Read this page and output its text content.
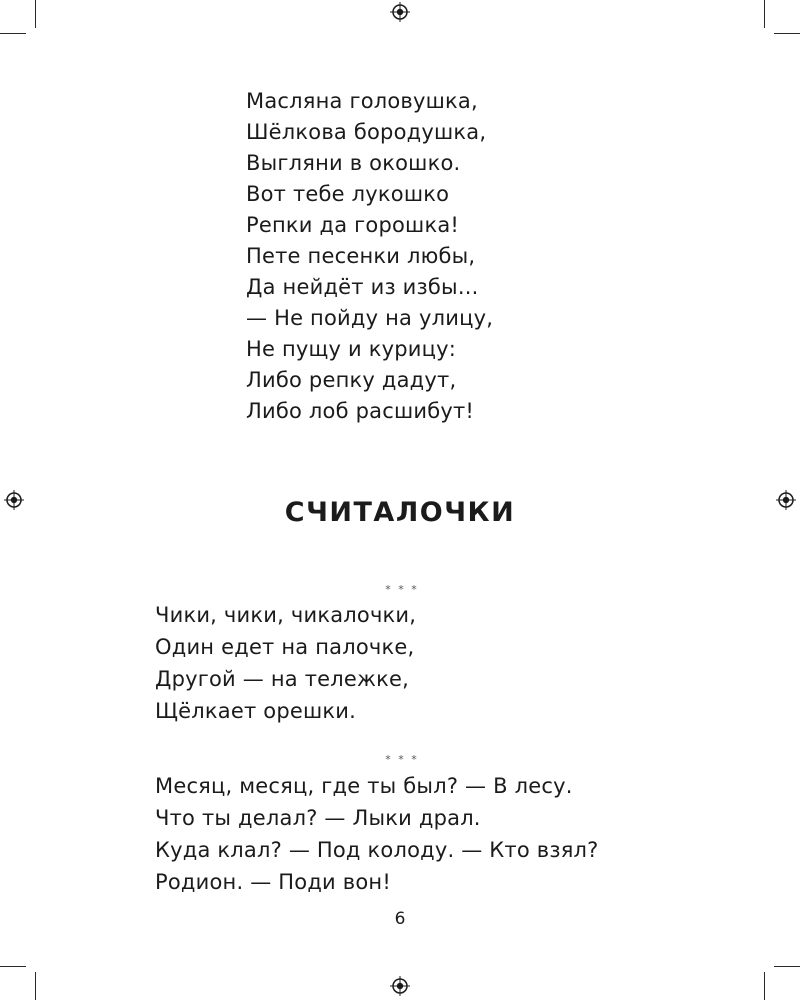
Масляна головушка,
Шёлкова бородушка,
Выгляни в окошко.
Вот тебе лукошко
Репки да горошка!
Пете песенки любы,
Да нейдёт из избы...
— Не пойду на улицу,
Не пущу и курицу:
Либо репку дадут,
Либо лоб расшибут!
СЧИТАЛОЧКИ
* * *
Чики, чики, чикалочки,
Один едет на палочке,
Другой — на тележке,
Щёлкает орешки.
* * *
Месяц, месяц, где ты был? — В лесу.
Что ты делал? — Лыки драл.
Куда клал? — Под колоду. — Кто взял?
Родион. — Поди вон!
6
